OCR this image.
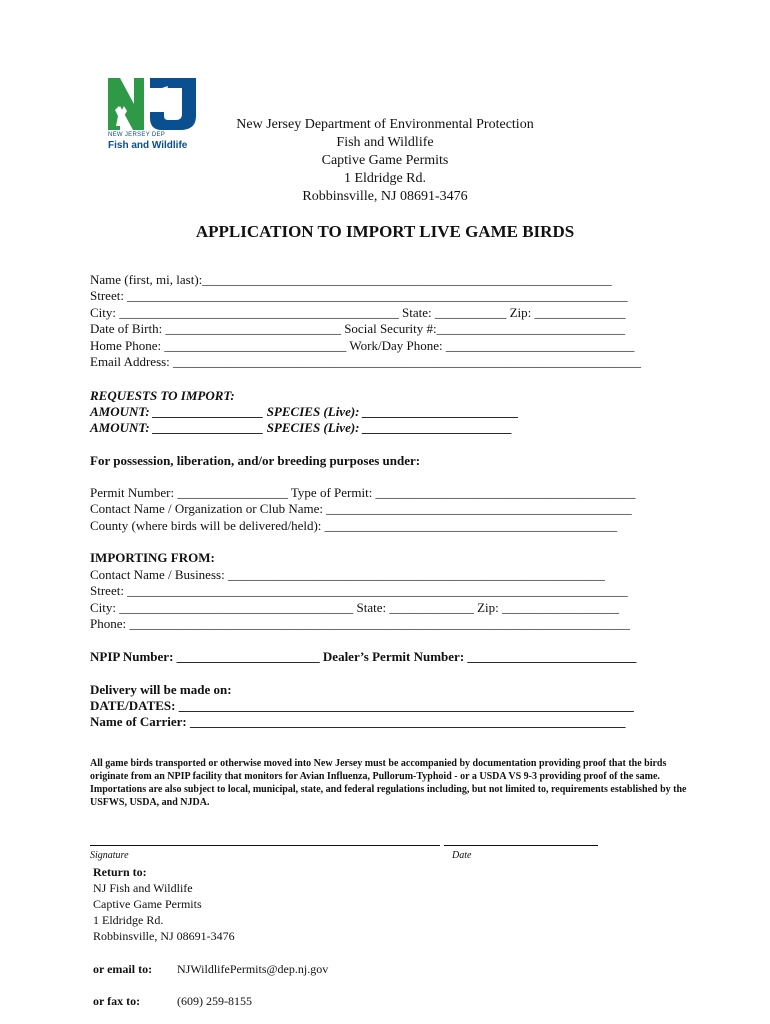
NEW JERSEY DEP
Fish and Wildlife
New Jersey Department of Environmental Protection
Fish and Wildlife
Captive Game Permits
1 Eldridge Rd.
Robbinsville, NJ 08691-3476
APPLICATION TO IMPORT LIVE GAME BIRDS
Name (first, mi, last):_______________________________________________________________
Street: _____________________________________________________________________________
City: ___________________________________________ State: ___________ Zip: ______________
Date of Birth: ___________________________ Social Security #:_____________________________
Home Phone: ____________________________ Work/Day Phone: _____________________________
Email Address: ________________________________________________________________________
REQUESTS TO IMPORT:
AMOUNT: _________________ SPECIES (Live): ________________________
AMOUNT: _________________ SPECIES (Live): _______________________
For possession, liberation, and/or breeding purposes under:
Permit Number: _________________ Type of Permit: ________________________________________
Contact Name / Organization or Club Name: _______________________________________________
County (where birds will be delivered/held): _____________________________________________
IMPORTING FROM:
Contact Name / Business: __________________________________________________________
Street: _____________________________________________________________________________
City: ____________________________________ State: _____________ Zip: __________________
Phone: _____________________________________________________________________________
NPIP Number: ______________________ Dealer’s Permit Number: __________________________
Delivery will be made on:
DATE/DATES: ______________________________________________________________________
Name of Carrier: ___________________________________________________________________
All game birds transported or otherwise moved into New Jersey must be accompanied by documentation providing proof that the birds originate from an NPIP facility that monitors for Avian Influenza, Pullorum-Typhoid - or a USDA VS 9-3 providing proof of the same. Importations are also subject to local, municipal, state, and federal regulations including, but not limited to, requirements established by the USFWS, USDA, and NJDA.
Signature	Date
Return to:
NJ Fish and Wildlife
Captive Game Permits
1 Eldridge Rd.
Robbinsville, NJ 08691-3476
or email to: NJWildlifePermits@dep.nj.gov
or fax to:	(609) 259-8155
